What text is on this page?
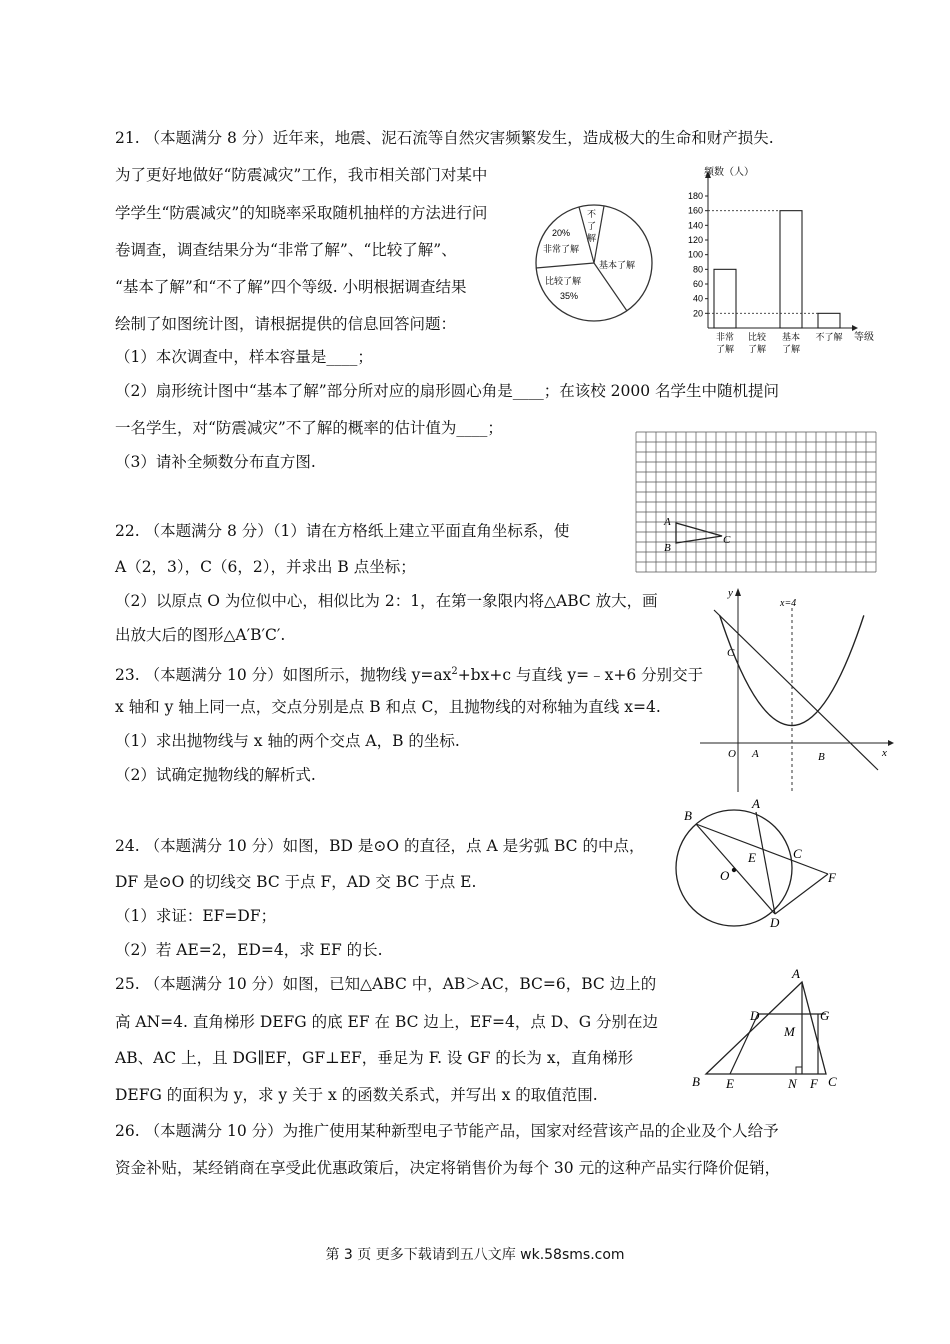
21. （本题满分 8 分）近年来，地震、泥石流等自然灾害频繁发生，造成极大的生命和财产损失.
为了更好地做好“防震减灾”工作，我市相关部门对某中
学学生“防震减灾”的知晓率采取随机抽样的方法进行问
卷调查，调查结果分为“非常了解”、“比较了解”、
“基本了解”和“不了解”四个等级. 小明根据调查结果
绘制了如图统计图，请根据提供的信息回答问题：
（1）本次调查中，样本容量是____；
（2）扇形统计图中“基本了解”部分所对应的扇形圆心角是____；在该校 2000 名学生中随机提问
一名学生，对“防震减灾”不了解的概率的估计值为____；
（3）请补全频数分布直方图.
20%
非常了解
比较了解
35%
基本了解
不
了
解
180
160
140
120
100
80
60
40
20
非常
了解
比较
了解
基本
了解
不了解
频数（人）
等级
22. （本题满分 8 分）（1）请在方格纸上建立平面直角坐标系，使
A（2，3），C（6，2），并求出 B 点坐标；
（2）以原点 O 为位似中心，相似比为 2：1，在第一象限内将△ABC 放大，画
出放大后的图形△A′B′C′.
A
B
C
23. （本题满分 10 分）如图所示，抛物线 $y=ax^2+bx+c$ 与直线 y=﹣x+6 分别交于
x 轴和 y 轴上同一点，交点分别是点 B 和点 C，且抛物线的对称轴为直线 x=4.
（1）求出抛物线与 x 轴的两个交点 A，B 的坐标.
（2）试确定抛物线的解析式.
y
x
x=4
C
O A	B
24. （本题满分 10 分）如图，BD 是⊙O 的直径，点 A 是劣弧 BC 的中点，
DF 是⊙O 的切线交 BC 于点 F，AD 交 BC 于点 E.
（1）求证：EF=DF；
（2）若 AE=2，ED=4，求 EF 的长.
B
A
E	C
O	F
D
25. （本题满分 10 分）如图，已知△ABC 中，AB＞AC，BC=6，BC 边上的
高 AN=4. 直角梯形 DEFG 的底 EF 在 BC 边上，EF=4，点 D、G 分别在边
AB、AC 上，且 DG∥EF，GF⊥EF，垂足为 F. 设 GF 的长为 x，直角梯形
DEFG 的面积为 y，求 y 关于 x 的函数关系式，并写出 x 的取值范围.
A
D	G
M
B E	N F C
26. （本题满分 10 分）为推广使用某种新型电子节能产品，国家对经营该产品的企业及个人给予
资金补贴，某经销商在享受此优惠政策后，决定将销售价为每个 30 元的这种产品实行降价促销，
第 3 页 更多下载请到五八文库 wk.58sms.com
